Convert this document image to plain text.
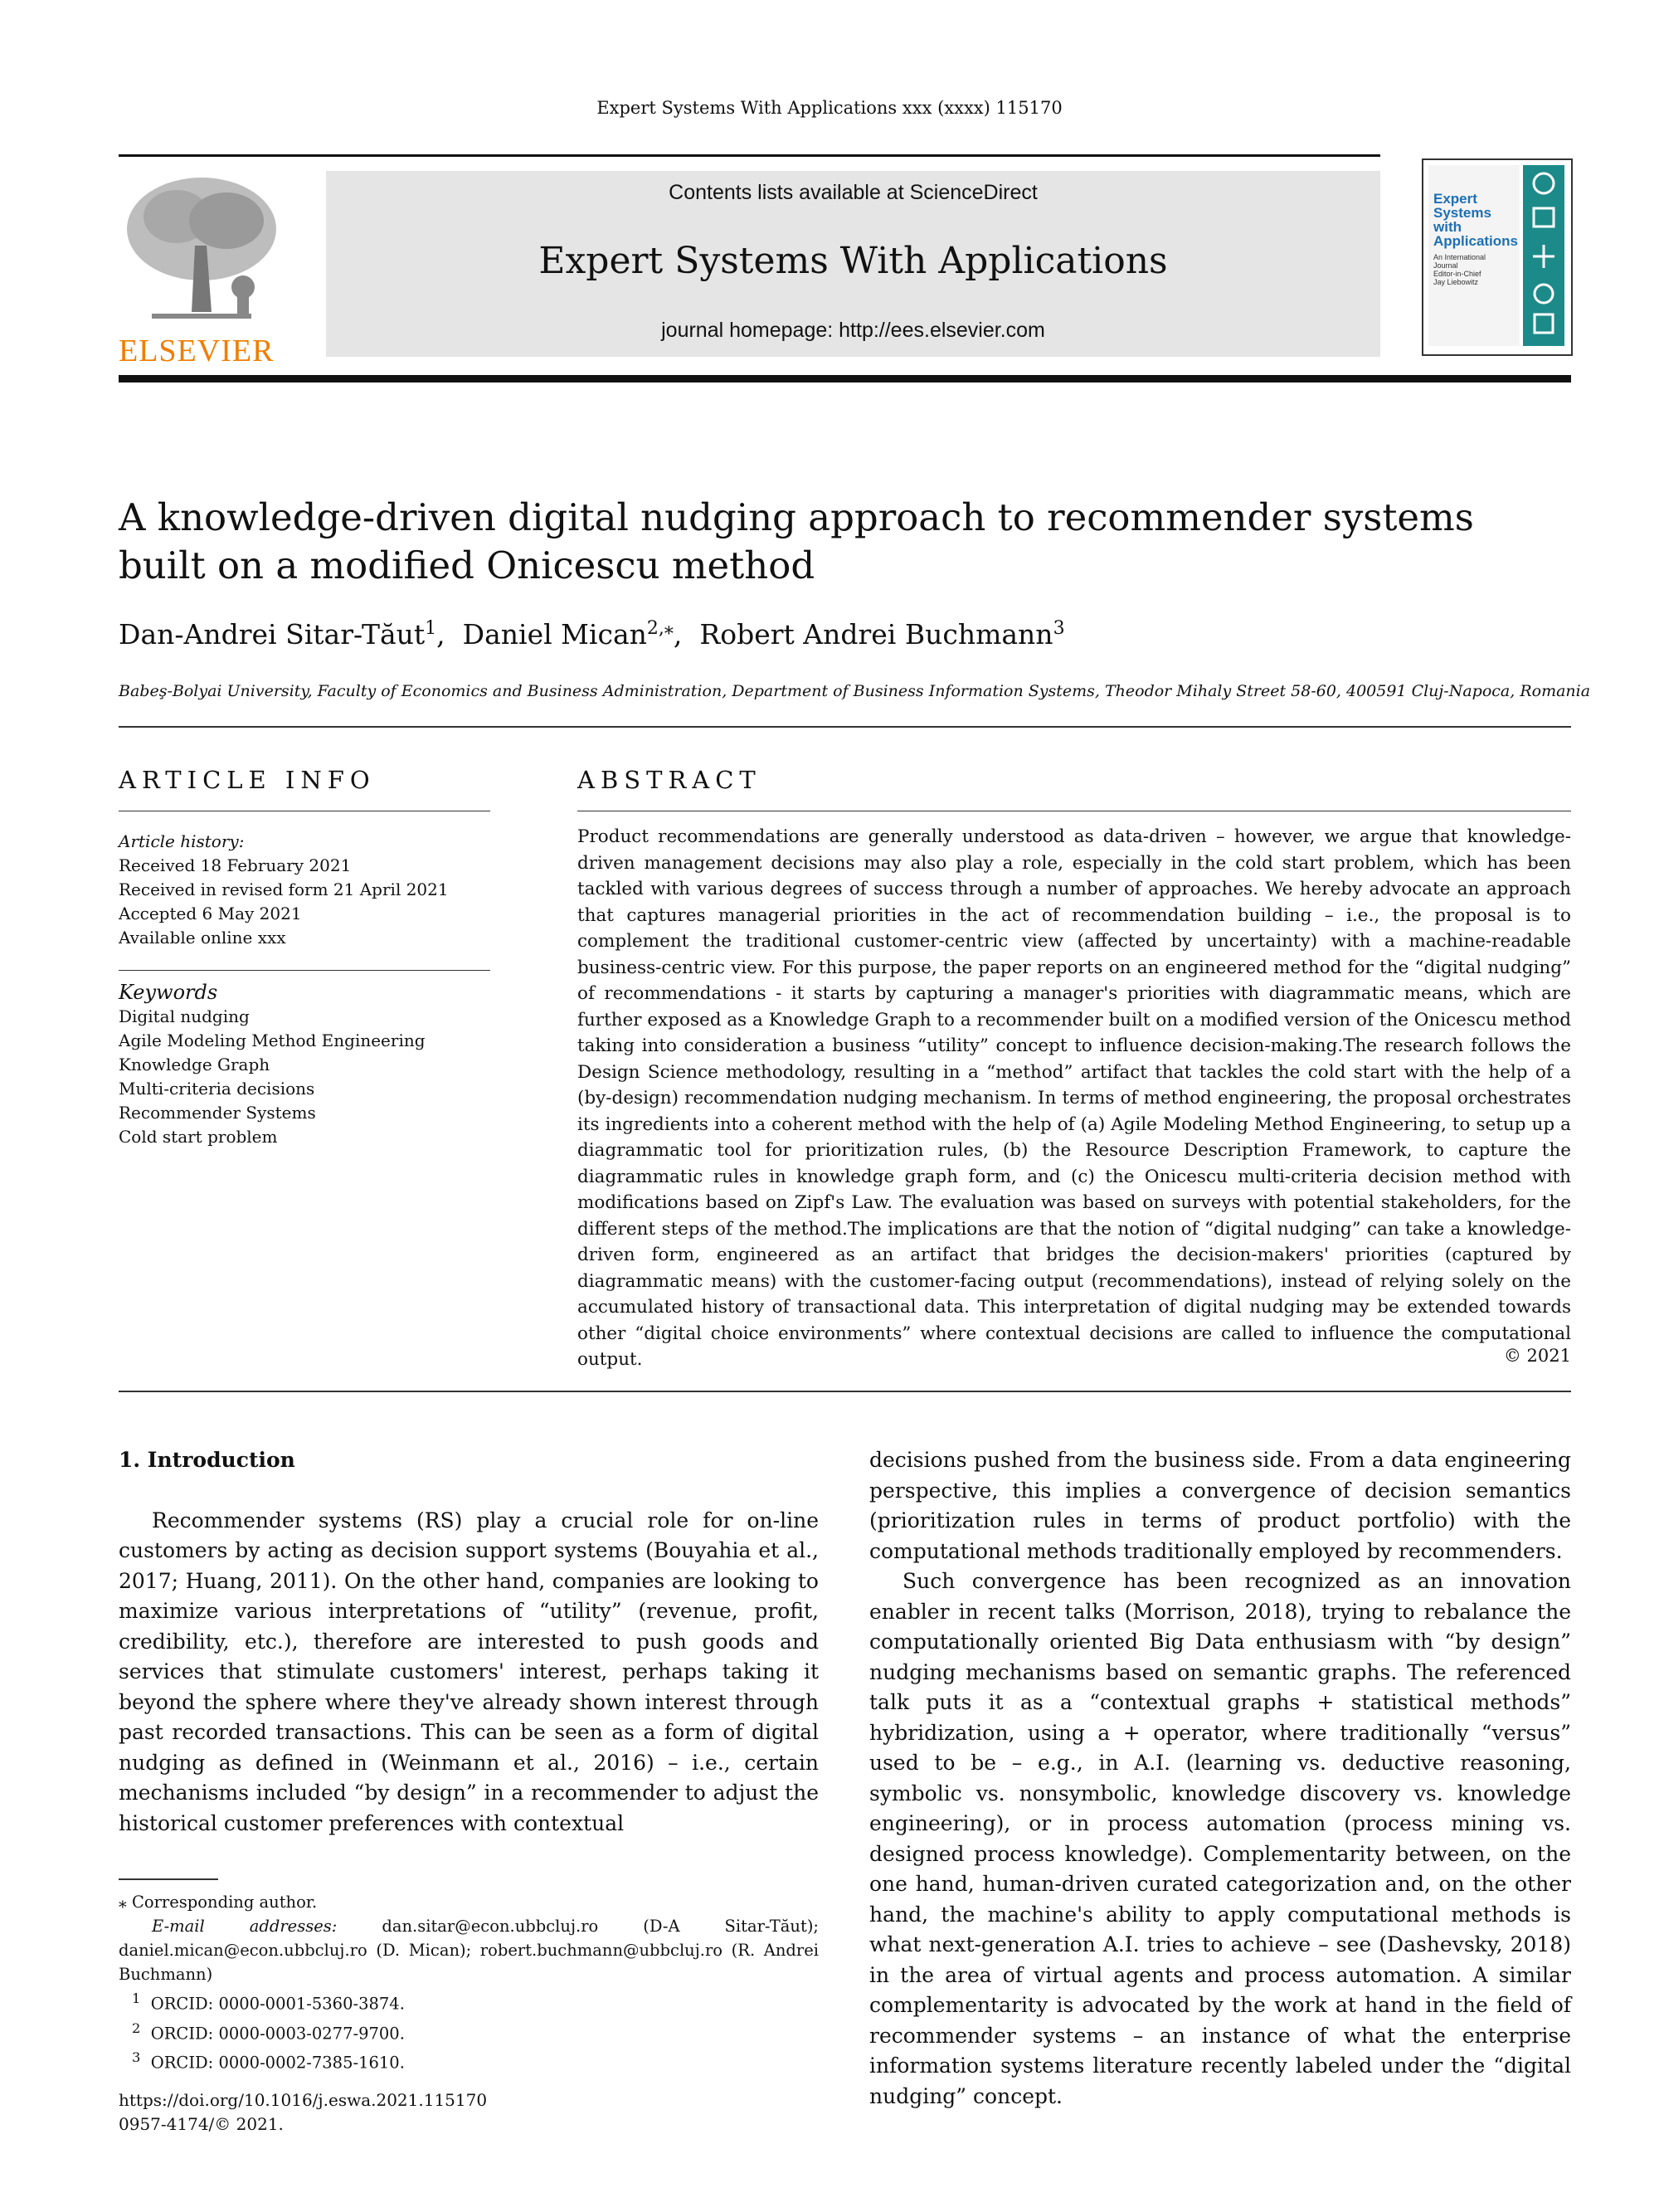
Expert Systems With Applications xxx (xxxx) 115170
ELSEVIER
Contents lists available at ScienceDirect
Expert Systems With Applications
journal homepage: http://ees.elsevier.com
Expert
Systems
with
Applications
An International
Journal
Editor-in-Chief
Jay Liebowitz
A knowledge-driven digital nudging approach to recommender systems built on a modified Onicescu method
Dan-Andrei Sitar-Tăut$^1$,  Daniel Mican$^{2,⁎}$,  Robert Andrei Buchmann$^3$
Babeş-Bolyai University, Faculty of Economics and Business Administration, Department of Business Information Systems, Theodor Mihaly Street 58-60, 400591 Cluj-Napoca, Romania
ARTICLE INFO	ABSTRACT
Article history:
Received 18 February 2021
Received in revised form 21 April 2021
Accepted 6 May 2021
Available online xxx
Keywords
Digital nudging
Agile Modeling Method Engineering
Knowledge Graph
Multi-criteria decisions
Recommender Systems
Cold start problem
Product recommendations are generally understood as data-driven – however, we argue that knowledge-driven management decisions may also play a role, especially in the cold start problem, which has been tackled with various degrees of success through a number of approaches. We hereby advocate an approach that captures managerial priorities in the act of recommendation building – i.e., the proposal is to complement the traditional customer-centric view (affected by uncertainty) with a machine-readable business-centric view. For this purpose, the paper reports on an engineered method for the “digital nudging” of recommendations - it starts by capturing a manager's priorities with diagrammatic means, which are further exposed as a Knowledge Graph to a recommender built on a modified version of the Onicescu method taking into consideration a business “utility” concept to influence decision-making.The research follows the Design Science methodology, resulting in a “method” artifact that tackles the cold start with the help of a (by-design) recommendation nudging mechanism. In terms of method engineering, the proposal orchestrates its ingredients into a coherent method with the help of (a) Agile Modeling Method Engineering, to setup up a diagrammatic tool for prioritization rules, (b) the Resource Description Framework, to capture the diagrammatic rules in knowledge graph form, and (c) the Onicescu multi-criteria decision method with modifications based on Zipf's Law. The evaluation was based on surveys with potential stakeholders, for the different steps of the method.The implications are that the notion of “digital nudging” can take a knowledge-driven form, engineered as an artifact that bridges the decision-makers' priorities (captured by diagrammatic means) with the customer-facing output (recommendations), instead of relying solely on the accumulated history of transactional data. This interpretation of digital nudging may be extended towards other “digital choice environments” where contextual decisions are called to influence the computational output.	© 2021
1. Introduction

Recommender systems (RS) play a crucial role for on-line customers by acting as decision support systems (Bouyahia et al., 2017; Huang, 2011). On the other hand, companies are looking to maximize various interpretations of “utility” (revenue, profit, credibility, etc.), therefore are interested to push goods and services that stimulate customers' interest, perhaps taking it beyond the sphere where they've already shown interest through past recorded transactions. This can be seen as a form of digital nudging as defined in (Weinmann et al., 2016) – i.e., certain mechanisms included “by design” in a recommender to adjust the historical customer preferences with contextual

decisions pushed from the business side. From a data engineering perspective, this implies a convergence of decision semantics (prioritization rules in terms of product portfolio) with the computational methods traditionally employed by recommenders.

Such convergence has been recognized as an innovation enabler in recent talks (Morrison, 2018), trying to rebalance the computationally oriented Big Data enthusiasm with “by design” nudging mechanisms based on semantic graphs. The referenced talk puts it as a “contextual graphs + statistical methods” hybridization, using a + operator, where traditionally “versus” used to be – e.g., in A.I. (learning vs. deductive reasoning, symbolic vs. nonsymbolic, knowledge discovery vs. knowledge engineering), or in process automation (process mining vs. designed process knowledge). Complementarity between, on the one hand, human-driven curated categorization and, on the other hand, the machine's ability to apply computational methods is what next-generation A.I. tries to achieve – see (Dashevsky, 2018) in the area of virtual agents and process automation. A similar complementarity is advocated by the work at hand in the field of recommender systems – an instance of what the enterprise information systems literature recently labeled under the “digital nudging” concept.

⁎ Corresponding author.

E-mail addresses:	dan.sitar@econ.ubbcluj.ro (D-A Sitar-Tăut); daniel.mican@econ.ubbcluj.ro (D. Mican); robert.buchmann@ubbcluj.ro (R. Andrei Buchmann)

$^1$ ORCID: 0000-0001-5360-3874.

$^2$ ORCID: 0000-0003-0277-9700.

$^3$ ORCID: 0000-0002-7385-1610.

https://doi.org/10.1016/j.eswa.2021.115170
0957-4174/© 2021.
